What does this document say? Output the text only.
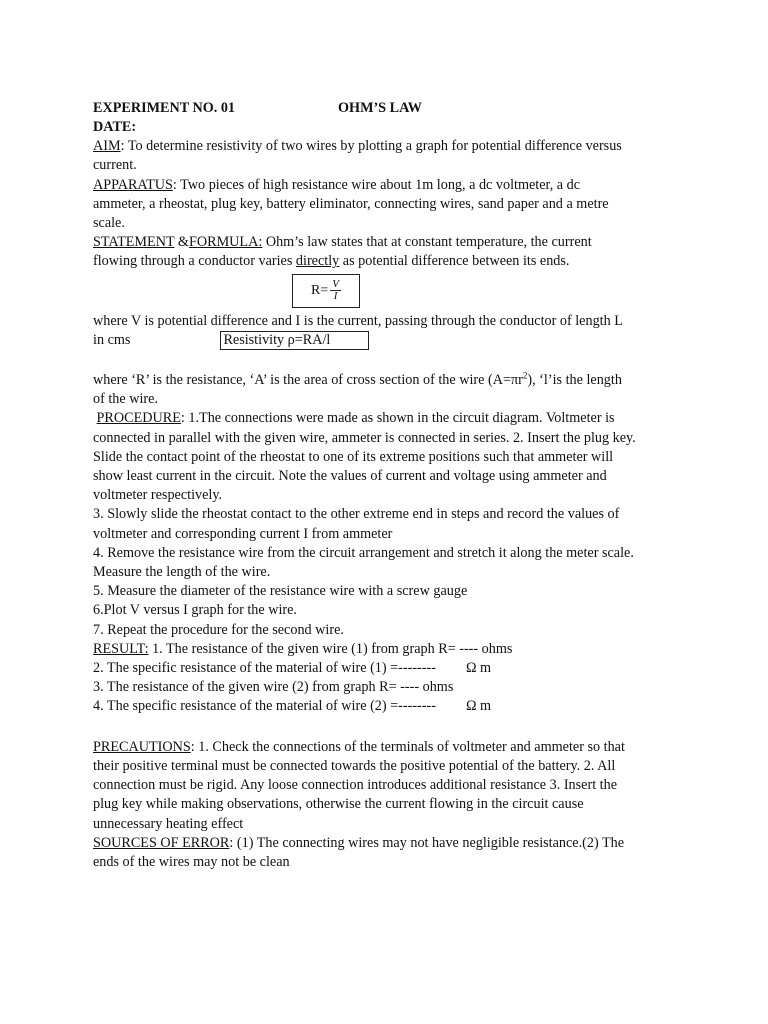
EXPERIMENT NO. 01	OHM’S LAW
DATE:
AIM: To determine resistivity of two wires by plotting a graph for potential difference versus
current.
APPARATUS: Two pieces of high resistance wire about 1m long, a dc voltmeter, a dc
ammeter, a rheostat, plug key, battery eliminator, connecting wires, sand paper and a metre
scale.
STATEMENT &FORMULA: Ohm’s law states that at constant temperature, the current
flowing through a conductor varies directly as potential difference between its ends.
$R= \frac{V}{I}$
where V is potential difference and I is the current, passing through the conductor of length L
in cms	Resistivity ρ=RA/l
where ‘R’ is the resistance, ‘A’ is the area of cross section of the wire $(A=\pi r^2)$, ‘l’is the length
of the wire.
PROCEDURE: 1.The connections were made as shown in the circuit diagram. Voltmeter is
connected in parallel with the given wire, ammeter is connected in series. 2. Insert the plug key.
Slide the contact point of the rheostat to one of its extreme positions such that ammeter will
show least current in the circuit. Note the values of current and voltage using ammeter and
voltmeter respectively.
3. Slowly slide the rheostat contact to the other extreme end in steps and record the values of
voltmeter and corresponding current I from ammeter
4. Remove the resistance wire from the circuit arrangement and stretch it along the meter scale.
Measure the length of the wire.
5. Measure the diameter of the resistance wire with a screw gauge
6.Plot V versus I graph for the wire.
7. Repeat the procedure for the second wire.
RESULT: 1. The resistance of the given wire (1) from graph R= ---- ohms
2. The specific resistance of the material of wire (1) =-------- Ω m
3. The resistance of the given wire (2) from graph R= ---- ohms
4. The specific resistance of the material of wire (2) =-------- Ω m
PRECAUTIONS: 1. Check the connections of the terminals of voltmeter and ammeter so that
their positive terminal must be connected towards the positive potential of the battery. 2. All
connection must be rigid. Any loose connection introduces additional resistance 3. Insert the
plug key while making observations, otherwise the current flowing in the circuit cause
unnecessary heating effect
SOURCES OF ERROR: (1) The connecting wires may not have negligible resistance.(2) The
ends of the wires may not be clean
